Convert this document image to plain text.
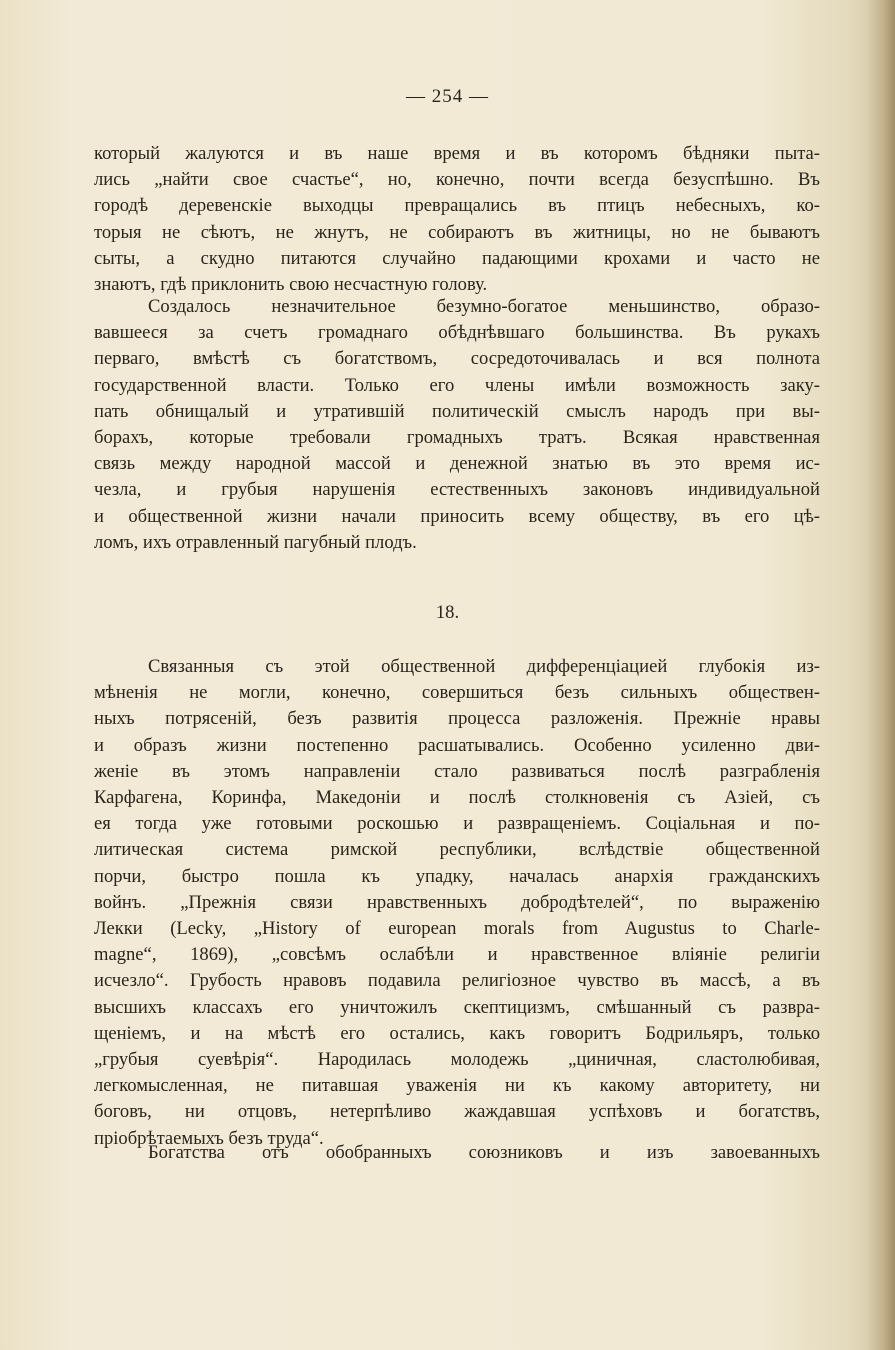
— 254 —
который жалуются и въ наше время и въ которомъ бѣдняки пыта-
лись „найти свое счастье“, но, конечно, почти всегда безуспѣшно. Въ
городѣ деревенскіе выходцы превращались въ птицъ небесныхъ, ко-
торыя не сѣютъ, не жнутъ, не собираютъ въ житницы, но не бываютъ
сыты, а скудно питаются случайно падающими крохами и часто не
знаютъ, гдѣ приклонить свою несчастную голову.
Создалось незначительное безумно-богатое меньшинство, образо-
вавшееся за счетъ громаднаго обѣднѣвшаго большинства. Въ рукахъ
перваго, вмѣстѣ съ богатствомъ, сосредоточивалась и вся полнота
государственной власти. Только его члены имѣли возможность заку-
пать обнищалый и утратившій политическій смыслъ народъ при вы-
борахъ, которые требовали громадныхъ тратъ. Всякая нравственная
связь между народной массой и денежной знатью въ это время ис-
чезла, и грубыя нарушенія естественныхъ законовъ индивидуальной
и общественной жизни начали приносить всему обществу, въ его цѣ-
ломъ, ихъ отравленный пагубный плодъ.
18.
Связанныя съ этой общественной дифференціацией глубокія из-
мѣненія не могли, конечно, совершиться безъ сильныхъ обществен-
ныхъ потрясеній, безъ развитія процесса разложенія. Прежніе нравы
и образъ жизни постепенно расшатывались. Особенно усиленно дви-
женіе въ этомъ направленіи стало развиваться послѣ разграбленія
Карфагена, Коринфа, Македоніи и послѣ столкновенія съ Азіей, съ
ея тогда уже готовыми роскошью и развращеніемъ. Соціальная и по-
литическая система римской республики, вслѣдствіе общественной
порчи, быстро пошла къ упадку, началась анархія гражданскихъ
войнъ. „Прежнія связи нравственныхъ добродѣтелей“, по выраженію
Лекки (Lecky, „History of european morals from Augustus to Charle-
magne“, 1869), „совсѣмъ ослабѣли и нравственное вліяніе религіи
исчезло“. Грубость нравовъ подавила религіозное чувство въ массѣ, а въ
высшихъ классахъ его уничтожилъ скептицизмъ, смѣшанный съ развра-
щеніемъ, и на мѣстѣ его остались, какъ говоритъ Бодрильяръ, только
„грубыя суевѣрія“. Народилась молодежь „циничная, сластолюбивая,
легкомысленная, не питавшая уваженія ни къ какому авторитету, ни
боговъ, ни отцовъ, нетерпѣливо жаждавшая успѣховъ и богатствъ,
пріобрѣтаемыхъ безъ труда“.
Богатства отъ обобранныхъ союзниковъ и изъ завоеванныхъ
